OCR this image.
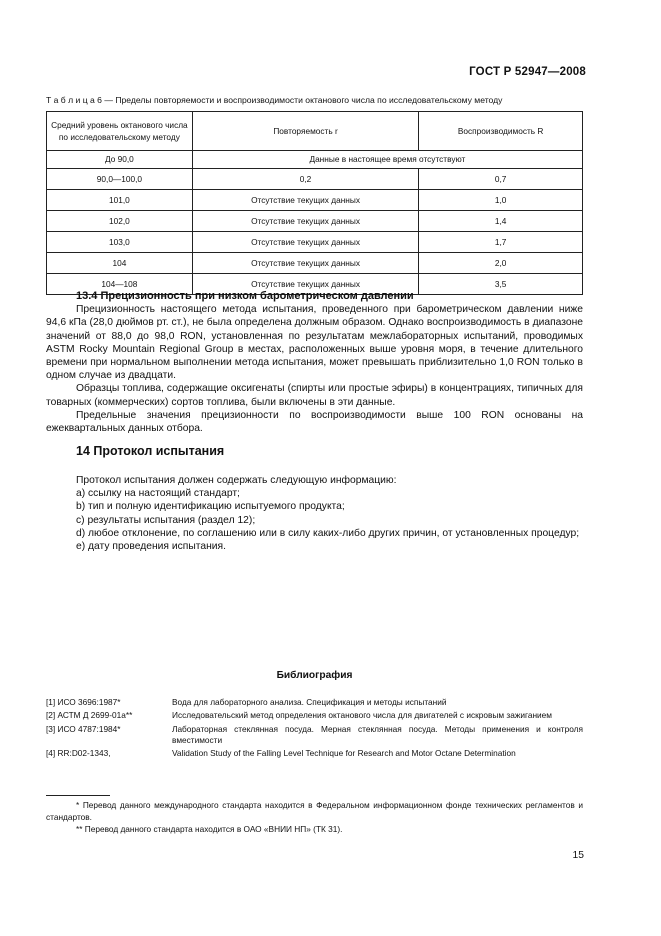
ГОСТ Р 52947—2008
Т а б л и ц а 6 — Пределы повторяемости и воспроизводимости октанового числа по исследовательскому методу
Средний уровень октанового числа по исследовательскому методу	Повторяемость r	Воспроизводимость R
До 90,0	Данные в настоящее время отсутствуют	
90,0—100,0	0,2	0,7
101,0	Отсутствие текущих данных	1,0
102,0	Отсутствие текущих данных	1,4
103,0	Отсутствие текущих данных	1,7
104	Отсутствие текущих данных	2,0
104—108	Отсутствие текущих данных	3,5

13.4 Прецизионность при низком барометрическом давлении

Прецизионность настоящего метода испытания, проведенного при барометрическом давлении ниже 94,6 кПа (28,0 дюймов рт. ст.), не была определена должным образом. Однако воспроизводимость в диапазоне значений от 88,0 до 98,0 RON, установленная по результатам межлабораторных испытаний, проводимых ASTM Rocky Mountain Regional Group в местах, расположенных выше уровня моря, в течение длительного времени при нормальном выполнении метода испытания, может превышать приблизительно 1,0 RON только в одном случае из двадцати.

Образцы топлива, содержащие оксигенаты (спирты или простые эфиры) в концентрациях, типичных для товарных (коммерческих) сортов топлива, были включены в эти данные.

Предельные значения прецизионности по воспроизводимости выше 100 RON основаны на ежеквартальных данных отбора.

14 Протокол испытания

Протокол испытания должен содержать следующую информацию:

а) ссылку на настоящий стандарт;

b) тип и полную идентификацию испытуемого продукта;

с) результаты испытания (раздел 12);

d) любое отклонение, по соглашению или в силу каких-либо других причин, от установленных процедур;

е) дату проведения испытания.

Библиография
[1] ИСО 3696:1987*	Вода для лабораторного анализа. Спецификация и методы испытаний
[2] АСТМ Д 2699-01а**	Исследовательский метод определения октанового числа для двигателей с искровым зажиганием
[3] ИСО 4787:1984*	Лабораторная стеклянная посуда. Мерная стеклянная посуда. Методы применения и контроля вместимости
[4] RR:D02-1343,	Validation Study of the Falling Level Technique for Research and Motor Octane Determination

* Перевод данного международного стандарта находится в Федеральном информационном фонде технических регламентов и стандартов.

** Перевод данного стандарта находится в ОАО «ВНИИ НП» (ТК 31).

15
